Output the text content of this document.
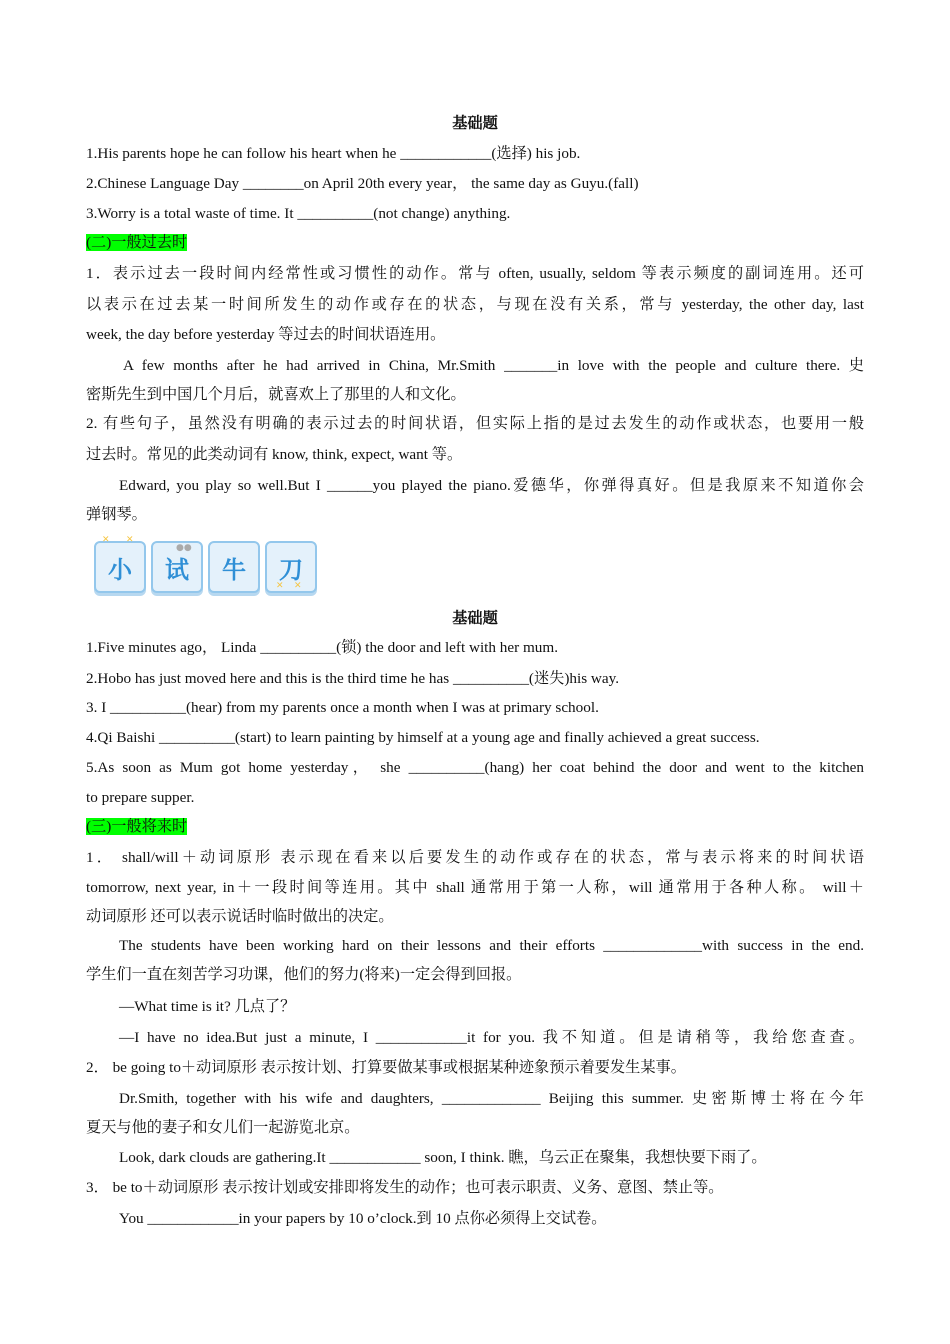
基础题
1.His parents hope he can follow his heart when he ____________(选择) his job.
2.Chinese Language Day ________on April 20th every year， the same day as Guyu.(fall)
3.Worry is a total waste of time. It __________(not change) anything.
(二)一般过去时
1．表示过去一段时间内经常性或习惯性的动作。常与 often, usually, seldom 等表示频度的副词连用。还可
以表示在过去某一时间所发生的动作或存在的状态，与现在没有关系，常与 yesterday, the other day, last
week, the day before yesterday 等过去的时间状语连用。
A few months after he had arrived in China, Mr.Smith _______in love with the people and culture there. 史
密斯先生到中国几个月后，就喜欢上了那里的人和文化。
2. 有些句子，虽然没有明确的表示过去的时间状语，但实际上指的是过去发生的动作或状态，也要用一般
过去时。常见的此类动词有 know, think, expect, want 等。
Edward, you play so well.But I ______you played the piano.爱德华，你弹得真好。但是我原来不知道你会
弹钢琴。
基础题
1.Five minutes ago， Linda __________(锁) the door and left with her mum.
2.Hobo has just moved here and this is the third time he has __________(迷失)his way.
3. I __________(hear) from my parents once a month when I was at primary school.
4.Qi Baishi __________(start) to learn painting by himself at a young age and finally achieved a great success.
5.As soon as Mum got home yesterday， she __________(hang) her coat behind the door and went to the kitchen
to prepare supper.
(三)一般将来时
1． shall/will＋动词原形 表示现在看来以后要发生的动作或存在的状态，常与表示将来的时间状语
tomorrow, next year, in＋一段时间等连用。其中 shall 通常用于第一人称，will 通常用于各种人称。 will＋
动词原形 还可以表示说话时临时做出的决定。
The students have been working hard on their lessons and their efforts _____________with success in the end.
学生们一直在刻苦学习功课，他们的努力(将来)一定会得到回报。
—What time is it? 几点了？
—I have no idea.But just a minute, I ____________it for you. 我不知道。但是请稍等，我给您查查。
2． be going to＋动词原形 表示按计划、打算要做某事或根据某种迹象预示着要发生某事。
Dr.Smith, together with his wife and daughters, _____________ Beijing this summer. 史密斯博士将在今年
夏天与他的妻子和女儿们一起游览北京。
Look, dark clouds are gathering.It ____________ soon, I think. 瞧，乌云正在聚集，我想快要下雨了。
3． be to＋动词原形 表示按计划或安排即将发生的动作；也可表示职责、义务、意图、禁止等。
You ____________in your papers by 10 o’clock.到 10 点你必须得上交试卷。
小	试	牛	刀
✕ ✕
●●
✕ ✕
